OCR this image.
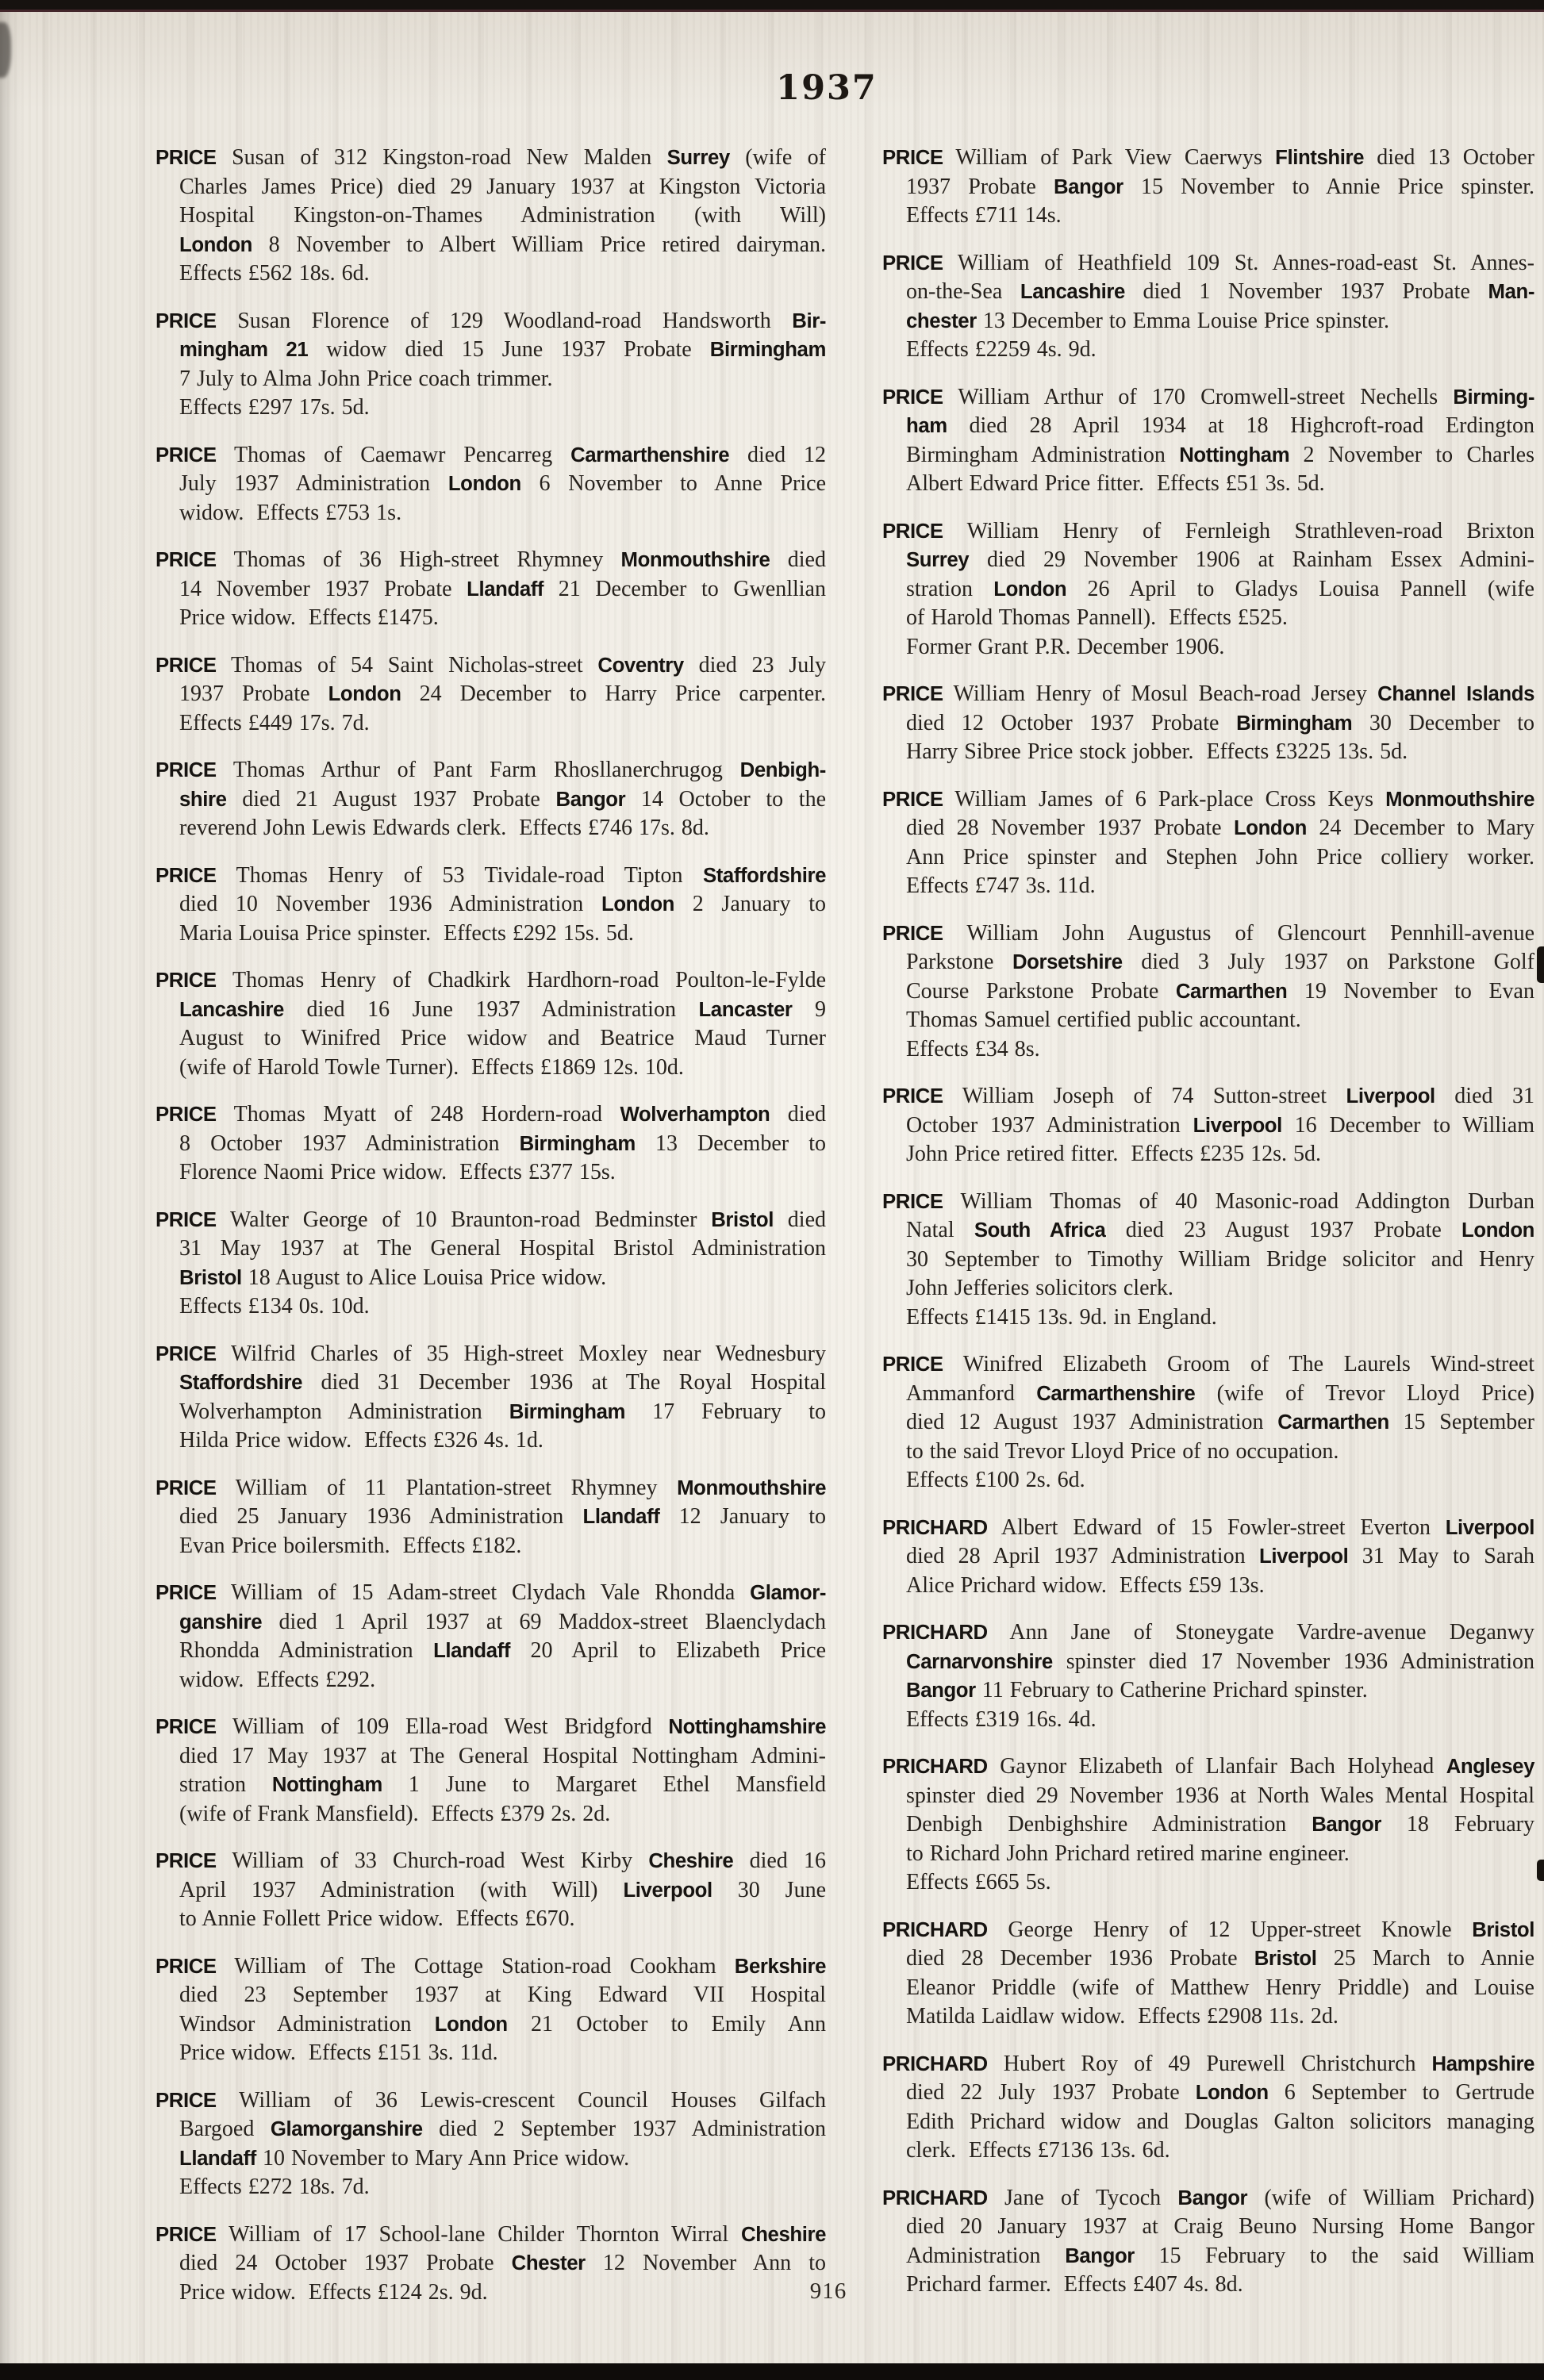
1937
PRICE Susan of 312 Kingston-road New Malden Surrey (wife of
Charles James Price) died 29 January 1937 at Kingston Victoria
Hospital Kingston-on-Thames Administration (with Will)
London 8 November to Albert William Price retired dairyman.
Effects £562 18s. 6d.
PRICE Susan Florence of 129 Woodland-road Handsworth Bir-
mingham 21 widow died 15 June 1937 Probate Birmingham
7 July to Alma John Price coach trimmer.
Effects £297 17s. 5d.
PRICE Thomas of Caemawr Pencarreg Carmarthenshire died 12
July 1937 Administration London 6 November to Anne Price
widow.  Effects £753 1s.
PRICE Thomas of 36 High-street Rhymney Monmouthshire died
14 November 1937 Probate Llandaff 21 December to Gwenllian
Price widow.  Effects £1475.
PRICE Thomas of 54 Saint Nicholas-street Coventry died 23 July
1937 Probate London 24 December to Harry Price carpenter.
Effects £449 17s. 7d.
PRICE Thomas Arthur of Pant Farm Rhosllanerchrugog Denbigh-
shire died 21 August 1937 Probate Bangor 14 October to the
reverend John Lewis Edwards clerk.  Effects £746 17s. 8d.
PRICE Thomas Henry of 53 Tividale-road Tipton Staffordshire
died 10 November 1936 Administration London 2 January to
Maria Louisa Price spinster.  Effects £292 15s. 5d.
PRICE Thomas Henry of Chadkirk Hardhorn-road Poulton-le-Fylde
Lancashire died 16 June 1937 Administration Lancaster 9
August to Winifred Price widow and Beatrice Maud Turner
(wife of Harold Towle Turner).  Effects £1869 12s. 10d.
PRICE Thomas Myatt of 248 Hordern-road Wolverhampton died
8 October 1937 Administration Birmingham 13 December to
Florence Naomi Price widow.  Effects £377 15s.
PRICE Walter George of 10 Braunton-road Bedminster Bristol died
31 May 1937 at The General Hospital Bristol Administration
Bristol 18 August to Alice Louisa Price widow.
Effects £134 0s. 10d.
PRICE Wilfrid Charles of 35 High-street Moxley near Wednesbury
Staffordshire died 31 December 1936 at The Royal Hospital
Wolverhampton Administration Birmingham 17 February to
Hilda Price widow.  Effects £326 4s. 1d.
PRICE William of 11 Plantation-street Rhymney Monmouthshire
died 25 January 1936 Administration Llandaff 12 January to
Evan Price boilersmith.  Effects £182.
PRICE William of 15 Adam-street Clydach Vale Rhondda Glamor-
ganshire died 1 April 1937 at 69 Maddox-street Blaenclydach
Rhondda Administration Llandaff 20 April to Elizabeth Price
widow.  Effects £292.
PRICE William of 109 Ella-road West Bridgford Nottinghamshire
died 17 May 1937 at The General Hospital Nottingham Admini-
stration Nottingham 1 June to Margaret Ethel Mansfield
(wife of Frank Mansfield).  Effects £379 2s. 2d.
PRICE William of 33 Church-road West Kirby Cheshire died 16
April 1937 Administration (with Will) Liverpool 30 June
to Annie Follett Price widow.  Effects £670.
PRICE William of The Cottage Station-road Cookham Berkshire
died 23 September 1937 at King Edward VII Hospital
Windsor Administration London 21 October to Emily Ann
Price widow.  Effects £151 3s. 11d.
PRICE William of 36 Lewis-crescent Council Houses Gilfach
Bargoed Glamorganshire died 2 September 1937 Administration
Llandaff 10 November to Mary Ann Price widow.
Effects £272 18s. 7d.
PRICE William of 17 School-lane Childer Thornton Wirral Cheshire
died 24 October 1937 Probate Chester 12 November Ann to
Price widow.  Effects £124 2s. 9d.
PRICE William of Park View Caerwys Flintshire died 13 October
1937 Probate Bangor 15 November to Annie Price spinster.
Effects £711 14s.
PRICE William of Heathfield 109 St. Annes-road-east St. Annes-
on-the-Sea Lancashire died 1 November 1937 Probate Man-
chester 13 December to Emma Louise Price spinster.
Effects £2259 4s. 9d.
PRICE William Arthur of 170 Cromwell-street Nechells Birming-
ham died 28 April 1934 at 18 Highcroft-road Erdington
Birmingham Administration Nottingham 2 November to Charles
Albert Edward Price fitter.  Effects £51 3s. 5d.
PRICE William Henry of Fernleigh Strathleven-road Brixton
Surrey died 29 November 1906 at Rainham Essex Admini-
stration London 26 April to Gladys Louisa Pannell (wife
of Harold Thomas Pannell).  Effects £525.
Former Grant P.R. December 1906.
PRICE William Henry of Mosul Beach-road Jersey Channel Islands
died 12 October 1937 Probate Birmingham 30 December to
Harry Sibree Price stock jobber.  Effects £3225 13s. 5d.
PRICE William James of 6 Park-place Cross Keys Monmouthshire
died 28 November 1937 Probate London 24 December to Mary
Ann Price spinster and Stephen John Price colliery worker.
Effects £747 3s. 11d.
PRICE William John Augustus of Glencourt Pennhill-avenue
Parkstone Dorsetshire died 3 July 1937 on Parkstone Golf
Course Parkstone Probate Carmarthen 19 November to Evan
Thomas Samuel certified public accountant.
Effects £34 8s.
PRICE William Joseph of 74 Sutton-street Liverpool died 31
October 1937 Administration Liverpool 16 December to William
John Price retired fitter.  Effects £235 12s. 5d.
PRICE William Thomas of 40 Masonic-road Addington Durban
Natal South Africa died 23 August 1937 Probate London
30 September to Timothy William Bridge solicitor and Henry
John Jefferies solicitors clerk.
Effects £1415 13s. 9d. in England.
PRICE Winifred Elizabeth Groom of The Laurels Wind-street
Ammanford Carmarthenshire (wife of Trevor Lloyd Price)
died 12 August 1937 Administration Carmarthen 15 September
to the said Trevor Lloyd Price of no occupation.
Effects £100 2s. 6d.
PRICHARD Albert Edward of 15 Fowler-street Everton Liverpool
died 28 April 1937 Administration Liverpool 31 May to Sarah
Alice Prichard widow.  Effects £59 13s.
PRICHARD Ann Jane of Stoneygate Vardre-avenue Deganwy
Carnarvonshire spinster died 17 November 1936 Administration
Bangor 11 February to Catherine Prichard spinster.
Effects £319 16s. 4d.
PRICHARD Gaynor Elizabeth of Llanfair Bach Holyhead Anglesey
spinster died 29 November 1936 at North Wales Mental Hospital
Denbigh Denbighshire Administration Bangor 18 February
to Richard John Prichard retired marine engineer.
Effects £665 5s.
PRICHARD George Henry of 12 Upper-street Knowle Bristol
died 28 December 1936 Probate Bristol 25 March to Annie
Eleanor Priddle (wife of Matthew Henry Priddle) and Louise
Matilda Laidlaw widow.  Effects £2908 11s. 2d.
PRICHARD Hubert Roy of 49 Purewell Christchurch Hampshire
died 22 July 1937 Probate London 6 September to Gertrude
Edith Prichard widow and Douglas Galton solicitors managing
clerk.  Effects £7136 13s. 6d.
PRICHARD Jane of Tycoch Bangor (wife of William Prichard)
died 20 January 1937 at Craig Beuno Nursing Home Bangor
Administration Bangor 15 February to the said William
Prichard farmer.  Effects £407 4s. 8d.
916
